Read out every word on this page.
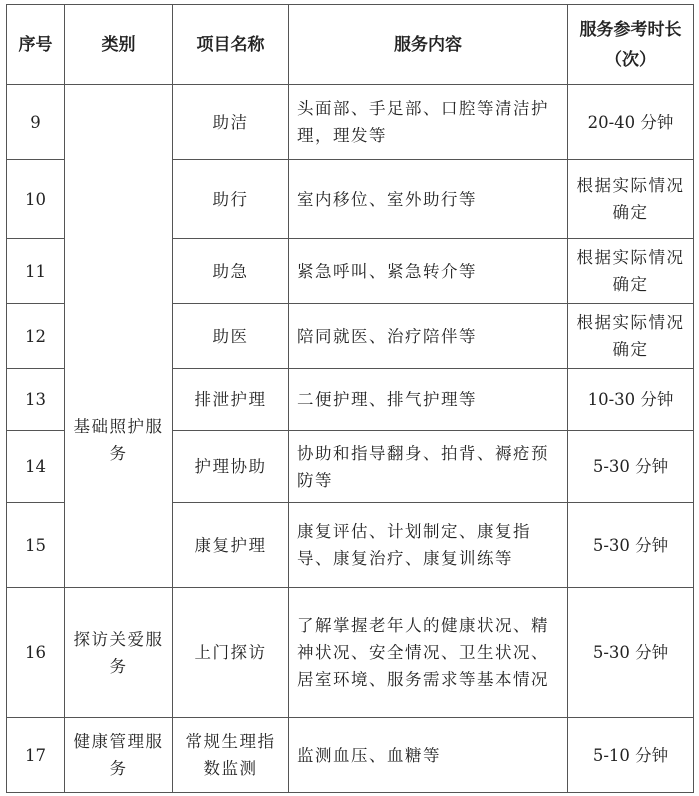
序号	类别	项目名称	服务内容	服务参考时长（次）
9	基础照护服务	助洁	头面部、手足部、口腔等清洁护理，理发等	20-40 分钟
10		助行	室内移位、室外助行等	根据实际情况确定
11		助急	紧急呼叫、紧急转介等	根据实际情况确定
12		助医	陪同就医、治疗陪伴等	根据实际情况确定
13		排泄护理	二便护理、排气护理等	10-30 分钟
14		护理协助	协助和指导翻身、拍背、褥疮预防等	5-30 分钟
15		康复护理	康复评估、计划制定、康复指导、康复治疗、康复训练等	5-30 分钟
16	探访关爱服务	上门探访	了解掌握老年人的健康状况、精神状况、安全情况、卫生状况、居室环境、服务需求等基本情况	5-30 分钟
17	健康管理服务	常规生理指数监测	监测血压、血糖等	5-10 分钟
